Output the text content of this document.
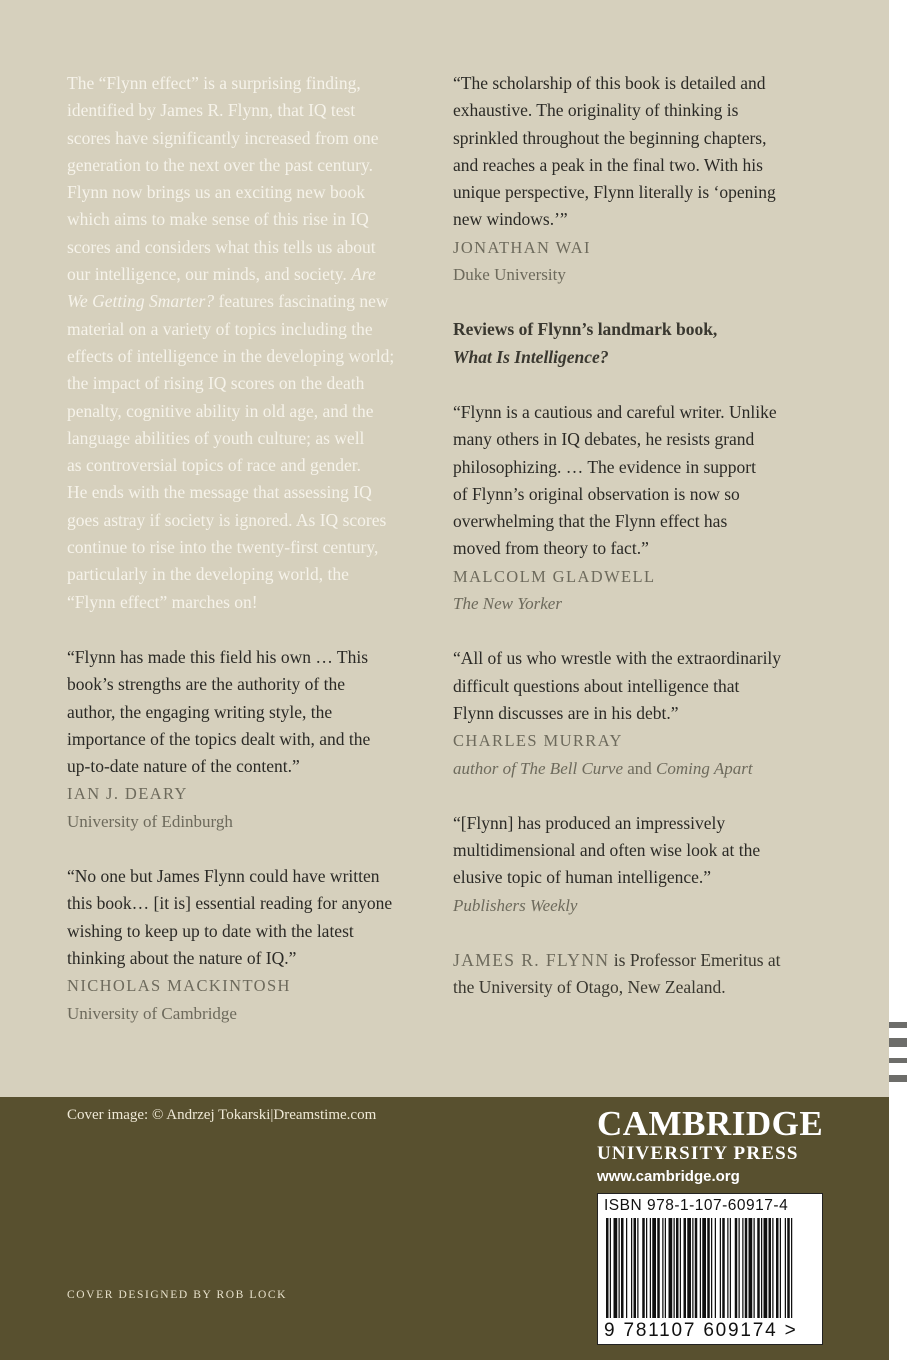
The “Flynn effect” is a surprising finding,
identified by James R. Flynn, that IQ test
scores have significantly increased from one
generation to the next over the past century.
Flynn now brings us an exciting new book
which aims to make sense of this rise in IQ
scores and considers what this tells us about
our intelligence, our minds, and society. Are
We Getting Smarter? features fascinating new
material on a variety of topics including the
effects of intelligence in the developing world;
the impact of rising IQ scores on the death
penalty, cognitive ability in old age, and the
language abilities of youth culture; as well
as controversial topics of race and gender.
He ends with the message that assessing IQ
goes astray if society is ignored. As IQ scores
continue to rise into the twenty-first century,
particularly in the developing world, the
“Flynn effect” marches on!

“Flynn has made this field his own … This
book’s strengths are the authority of the
author, the engaging writing style, the
importance of the topics dealt with, and the
up-to-date nature of the content.”

IAN J. DEARY
University of Edinburgh

“No one but James Flynn could have written
this book… [it is] essential reading for anyone
wishing to keep up to date with the latest
thinking about the nature of IQ.”

NICHOLAS MACKINTOSH
University of Cambridge

“The scholarship of this book is detailed and
exhaustive. The originality of thinking is
sprinkled throughout the beginning chapters,
and reaches a peak in the final two. With his
unique perspective, Flynn literally is ‘opening
new windows.’”

JONATHAN WAI
Duke University

Reviews of Flynn’s landmark book,
What Is Intelligence?

“Flynn is a cautious and careful writer. Unlike
many others in IQ debates, he resists grand
philosophizing. … The evidence in support
of Flynn’s original observation is now so
overwhelming that the Flynn effect has
moved from theory to fact.”

MALCOLM GLADWELL
The New Yorker

“All of us who wrestle with the extraordinarily
difficult questions about intelligence that
Flynn discusses are in his debt.”

CHARLES MURRAY
author of The Bell Curve and Coming Apart

“[Flynn] has produced an impressively
multidimensional and often wise look at the
elusive topic of human intelligence.”

Publishers Weekly

JAMES R. FLYNN is Professor Emeritus at
the University of Otago, New Zealand.

Cover image: © Andrzej Tokarski|Dreamstime.com
COVER DESIGNED BY ROB LOCK
CAMBRIDGE
UNIVERSITY PRESS
www.cambridge.org
ISBN 978-1-107-60917-4
9 781107 609174 >
